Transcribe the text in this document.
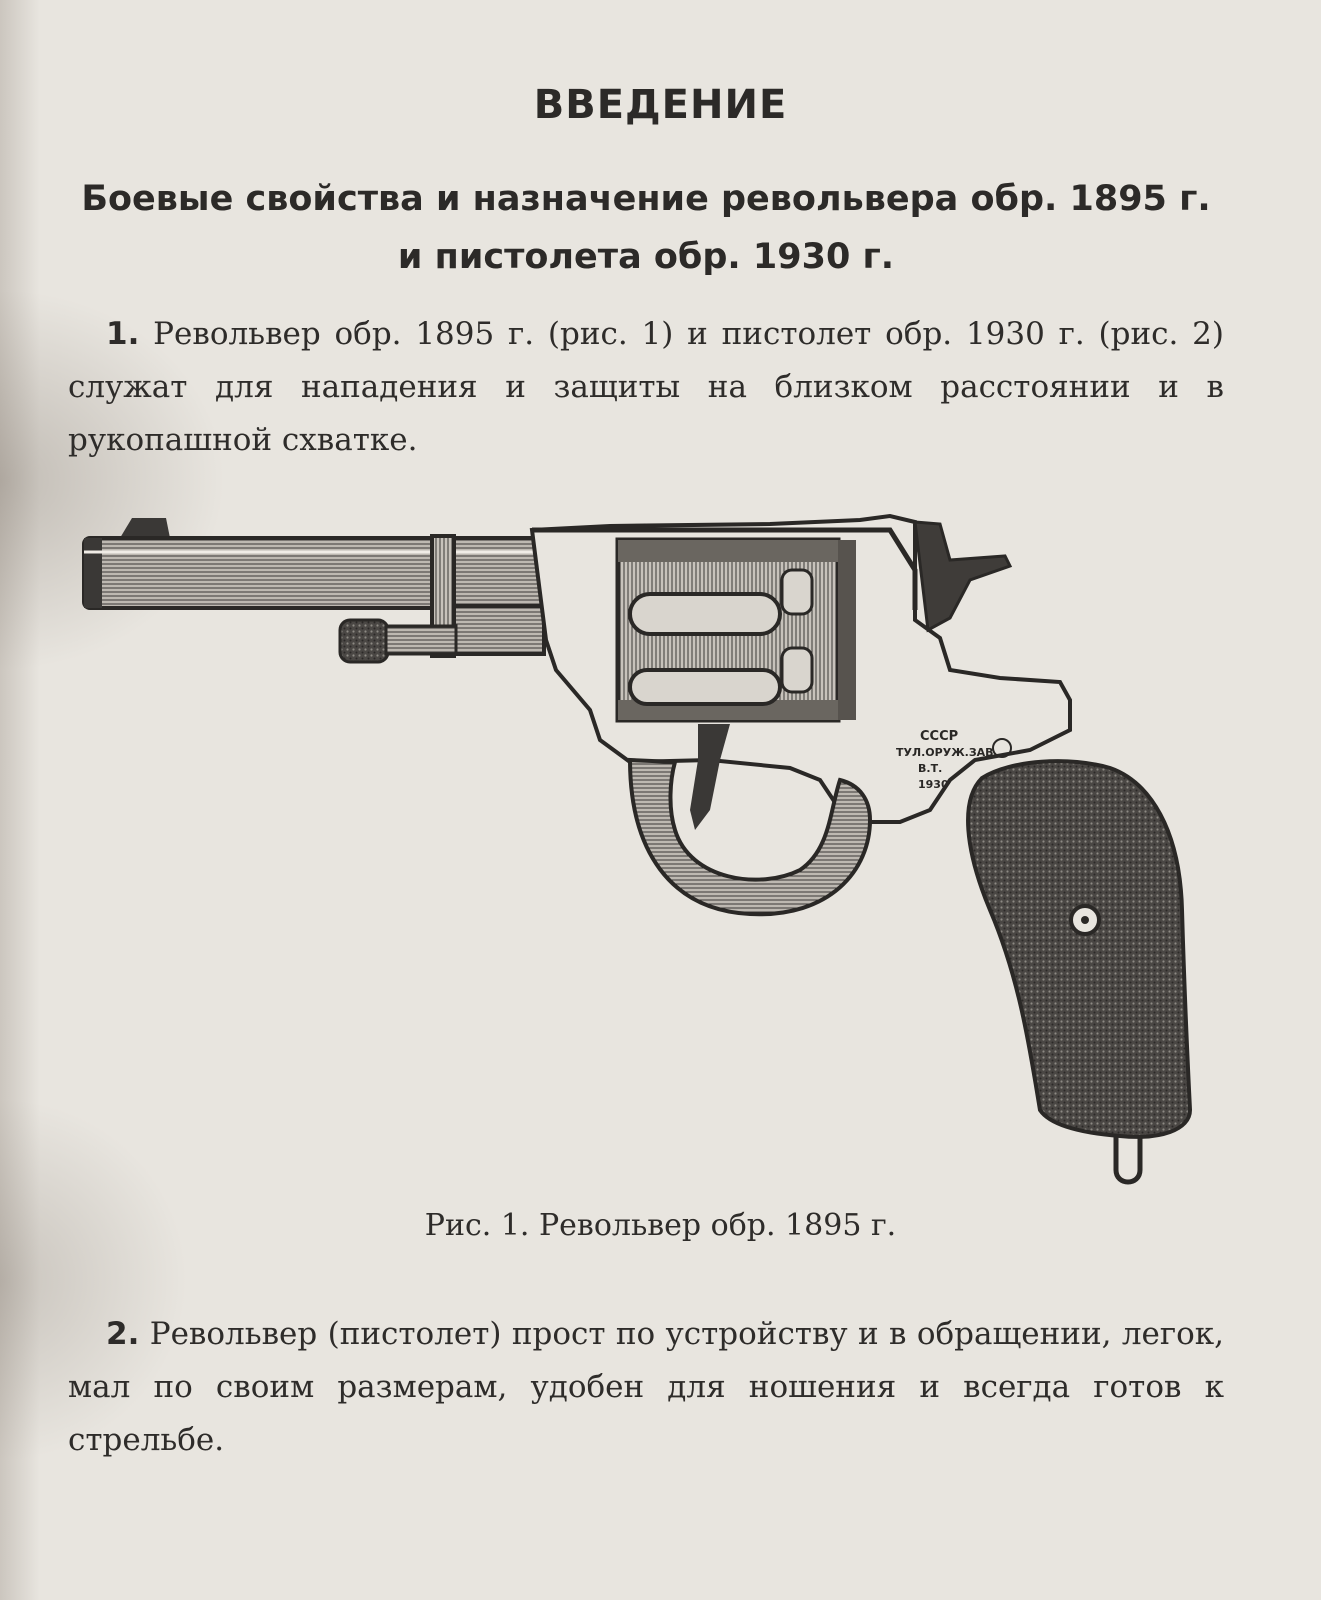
ВВЕДЕНИЕ
Боевые свойства и назначение револьвера обр. 1895 г. и пистолета обр. 1930 г.
1. Револьвер обр. 1895 г. (рис. 1) и пистолет обр. 1930 г. (рис. 2) служат для нападения и защиты на близком расстоянии и в рукопашной схватке.
СССР
ТУЛ.ОРУЖ.ЗАВ.
В.Т.
1930
Рис. 1. Револьвер обр. 1895 г.
2. Револьвер (пистолет) прост по устройству и в обращении, легок, мал по своим размерам, удобен для ношения и всегда готов к стрельбе.
